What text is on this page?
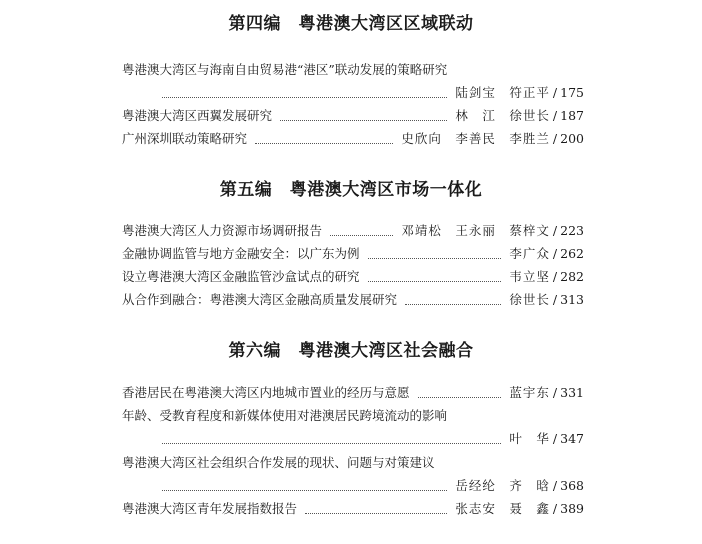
第四编　粤港澳大湾区区域联动
粤港澳大湾区与海南自由贸易港“港区”联动发展的策略研究
陆剑宝　符正平 / 175
粤港澳大湾区西翼发展研究	林　江　徐世长 / 187
广州深圳联动策略研究	史欣向　李善民　李胜兰 / 200
第五编　粤港澳大湾区市场一体化
粤港澳大湾区人力资源市场调研报告	邓靖松　王永丽　蔡梓文 / 223
金融协调监管与地方金融安全：以广东为例	李广众 / 262
设立粤港澳大湾区金融监管沙盒试点的研究	韦立坚 / 282
从合作到融合：粤港澳大湾区金融高质量发展研究	徐世长 / 313
第六编　粤港澳大湾区社会融合
香港居民在粤港澳大湾区内地城市置业的经历与意愿	蓝宇东 / 331
年龄、受教育程度和新媒体使用对港澳居民跨境流动的影响
叶　华 / 347
粤港澳大湾区社会组织合作发展的现状、问题与对策建议
岳经纶　齐　晗 / 368
粤港澳大湾区青年发展指数报告	张志安　聂　鑫 / 389
